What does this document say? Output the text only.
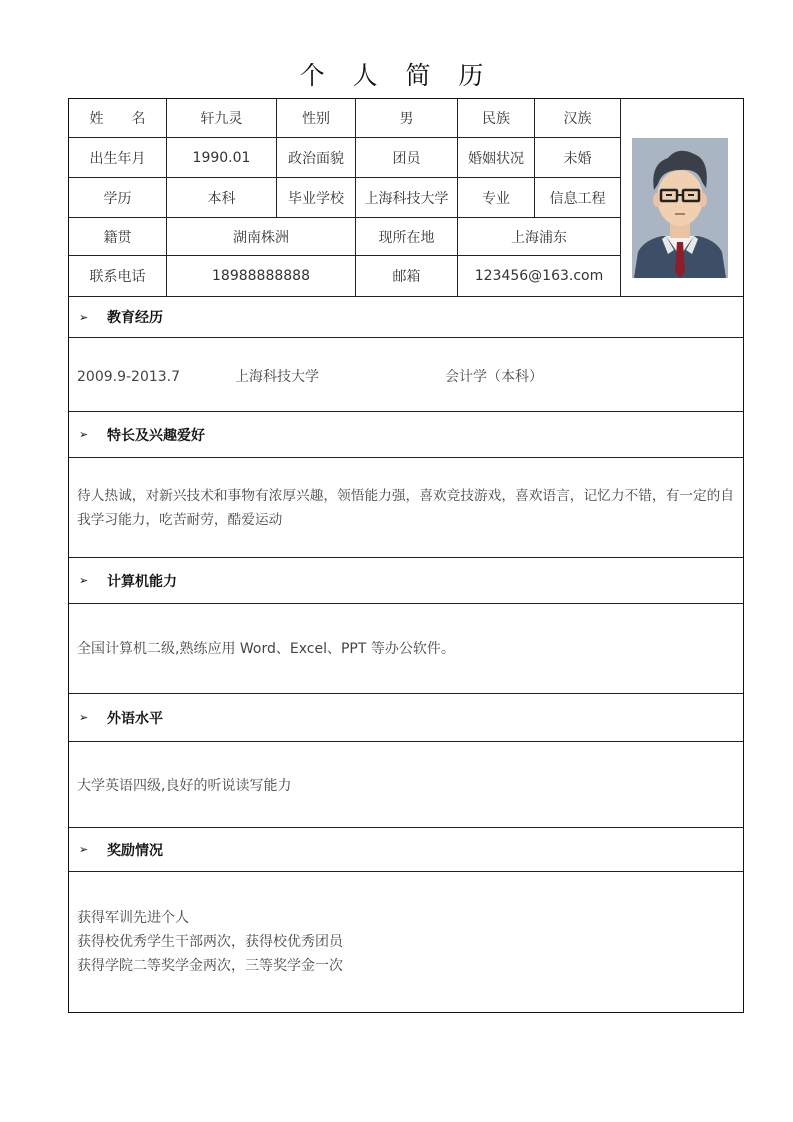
个 人 简 历
姓　　名	轩九灵	性别	男	民族	汉族
出生年月	1990.01	政治面貌	团员	婚姻状况	未婚
学历	本科	毕业学校	上海科技大学	专业	信息工程
籍贯	湖南株洲	现所在地	上海浦东
联系电话	18988888888	邮箱	123456@163.com
➢	教育经历
2009.9-2013.7	上海科技大学	会计学（本科）
➢	特长及兴趣爱好
待人热诚，对新兴技术和事物有浓厚兴趣，领悟能力强，喜欢竞技游戏，喜欢语言，记忆力不错，有一定的自我学习能力，吃苦耐劳，酷爱运动
➢	计算机能力
全国计算机二级,熟练应用 Word、Excel、PPT 等办公软件。
➢	外语水平
大学英语四级,良好的听说读写能力
➢	奖励情况
获得军训先进个人
获得校优秀学生干部两次，获得校优秀团员
获得学院二等奖学金两次，三等奖学金一次
